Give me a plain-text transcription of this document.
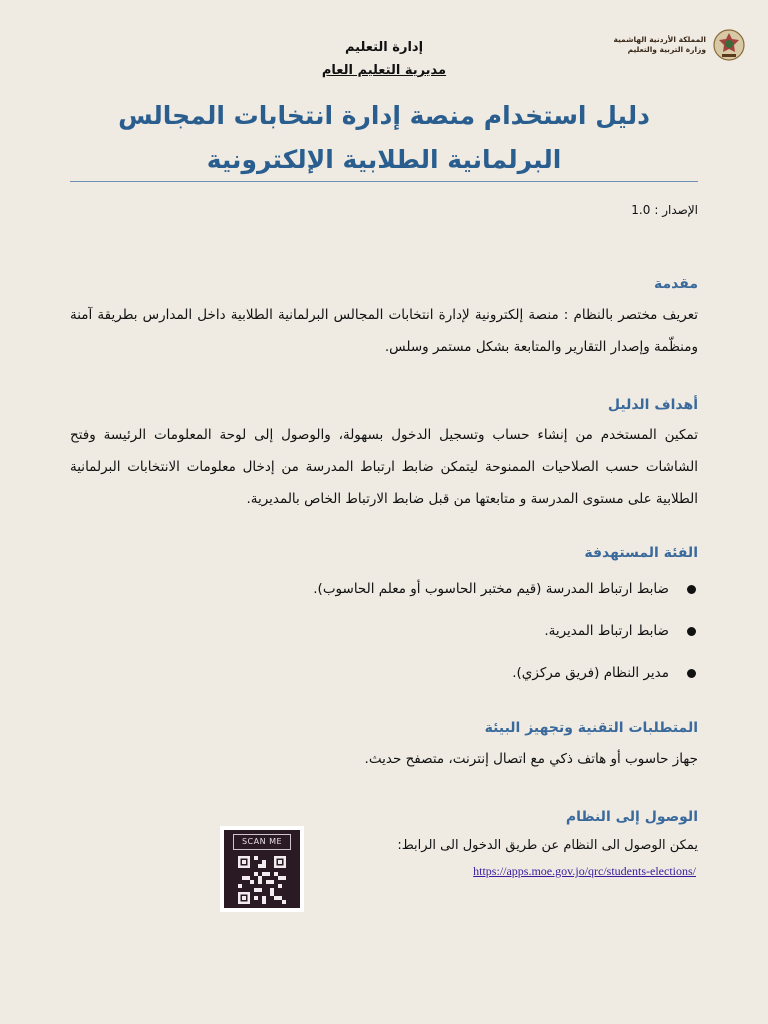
المملكة الأردنية الهاشمية
وزارة التربية والتعليم
إدارة التعليم
مديرية التعليم العام
دليل استخدام منصة إدارة انتخابات المجالس البرلمانية الطلابية الإلكترونية
الإصدار :1.0
مقدمة
تعريف مختصر بالنظام : منصة إلكترونية لإدارة انتخابات المجالس البرلمانية الطلابية داخل المدارس بطريقة آمنة ومنظّمة وإصدار التقارير والمتابعة بشكل مستمر وسلس.
أهداف الدليل
تمكين المستخدم من إنشاء حساب وتسجيل الدخول بسهولة، والوصول إلى لوحة المعلومات الرئيسة وفتح الشاشات حسب الصلاحيات الممنوحة ليتمكن ضابط ارتباط المدرسة من إدخال معلومات الانتخابات البرلمانية الطلابية على مستوى المدرسة و متابعتها من قبل ضابط الارتباط الخاص بالمديرية.
الفئة المستهدفة
ضابط ارتباط المدرسة (قيم مختبر الحاسوب أو معلم الحاسوب).
ضابط ارتباط المديرية.
مدير النظام (فريق مركزي).
المتطلبات التقنية وتجهيز البيئة
جهاز حاسوب أو هاتف ذكي مع اتصال إنترنت، متصفح حديث.
الوصول إلى النظام
يمكن الوصول الى النظام عن طريق الدخول الى الرابط:
https://apps.moe.gov.jo/qrc/students-elections/
SCAN ME
